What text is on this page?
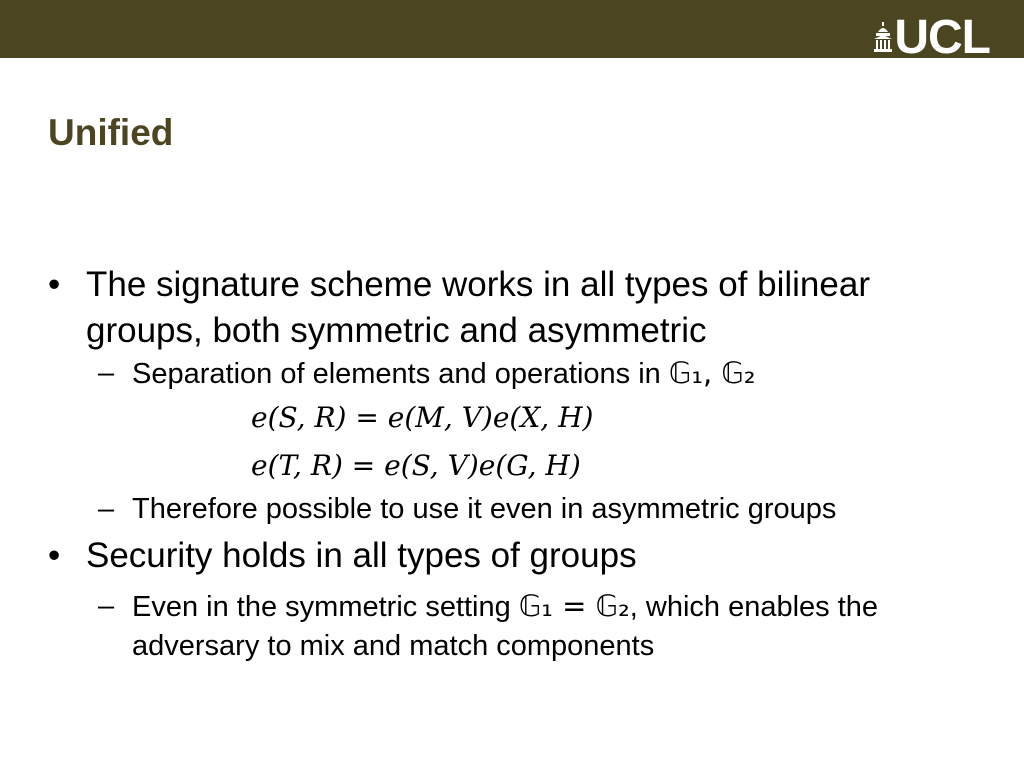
UCL
Unified
• The signature scheme works in all types of bilinear groups, both symmetric and asymmetric
– Separation of elements and operations in 𝔾₁, 𝔾₂
e(S, R) = e(M, V)e(X, H)
e(T, R) = e(S, V)e(G, H)
– Therefore possible to use it even in asymmetric groups
• Security holds in all types of groups
– Even in the symmetric setting 𝔾₁ = 𝔾₂, which enables the adversary to mix and match components
